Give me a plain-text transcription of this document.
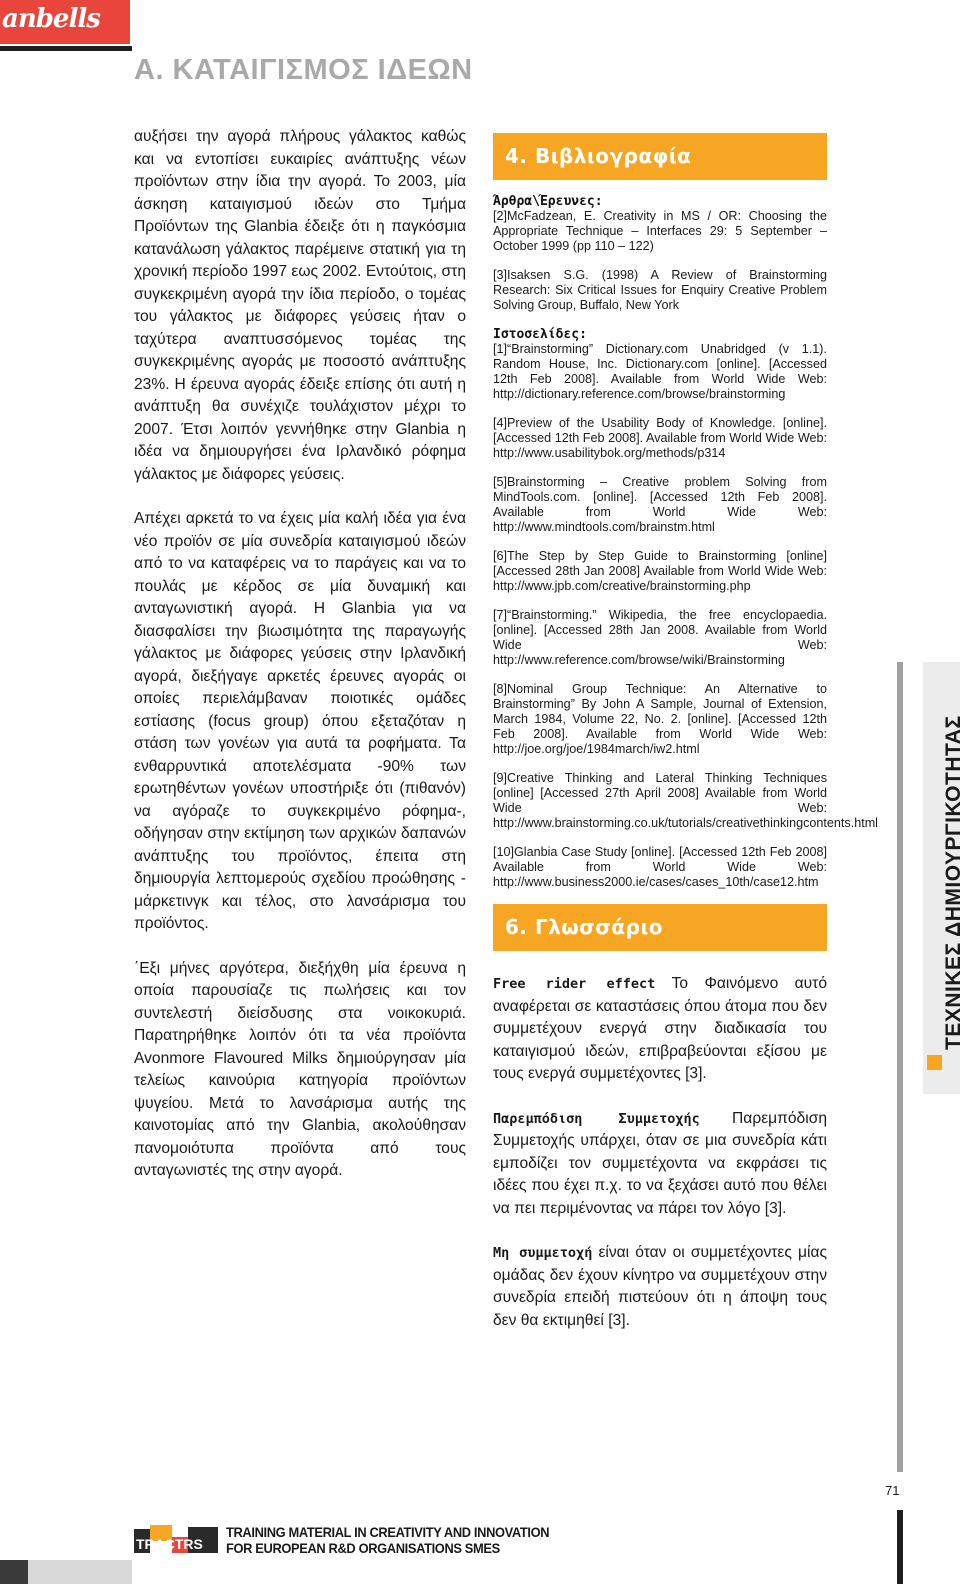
anbells
Α. ΚΑΤΑΙΓΙΣΜΟΣ ΙΔΕΩΝ

αυξήσει την αγορά πλήρους γάλακτος καθώς και να εντοπίσει ευκαιρίες ανάπτυξης νέων προϊόντων στην ίδια την αγορά. Το 2003, μία άσκηση καταιγισμού ιδεών στο Τμήμα Προϊόντων της Glanbia έδειξε ότι η παγκόσμια κατανάλωση γάλακτος παρέμεινε στατική για τη χρονική περίοδο 1997 εως 2002. Εντούτοις, στη συγκεκριμένη αγορά την ίδια περίοδο, ο τομέας του γάλακτος με διάφορες γεύσεις ήταν ο ταχύτερα αναπτυσσόμενος τομέας της συγκεκριμένης αγοράς με ποσοστό ανάπτυξης 23%. Η έρευνα αγοράς έδειξε επίσης ότι αυτή η ανάπτυξη θα συνέχιζε τουλάχιστον μέχρι το 2007. Έτσι λοιπόν γεννήθηκε στην Glanbia η ιδέα να δημιουργήσει ένα Ιρλανδικό ρόφημα γάλακτος με διάφορες γεύσεις.

Απέχει αρκετά το να έχεις μία καλή ιδέα για ένα νέο προϊόν σε μία συνεδρία καταιγισμού ιδεών από το να καταφέρεις να το παράγεις και να το πουλάς με κέρδος σε μία δυναμική και ανταγωνιστική αγορά. Η Glanbia για να διασφαλίσει την βιωσιμότητα της παραγωγής γάλακτος με διάφορες γεύσεις στην Ιρλανδική αγορά, διεξήγαγε αρκετές έρευνες αγοράς οι οποίες περιελάμβαναν ποιοτικές ομάδες εστίασης (focus group) όπου εξεταζόταν η στάση των γονέων για αυτά τα ροφήματα. Τα ενθαρρυντικά αποτελέσματα -90% των ερωτηθέντων γονέων υποστήριξε ότι (πιθανόν) να αγόραζε το συγκεκριμένο ρόφημα-, οδήγησαν στην εκτίμηση των αρχικών δαπανών ανάπτυξης του προϊόντος, έπειτα στη δημιουργία λεπτομερούς σχεδίου προώθησης - μάρκετινγκ και τέλος, στο λανσάρισμα του προϊόντος.

΄Εξι μήνες αργότερα, διεξήχθη μία έρευνα η οποία παρουσίαζε τις πωλήσεις και τον συντελεστή διείσδυσης στα νοικοκυριά. Παρατηρήθηκε λοιπόν ότι τα νέα προϊόντα Avonmore Flavoured Milks δημιούργησαν μία τελείως καινούρια κατηγορία προϊόντων ψυγείου. Μετά το λανσάρισμα αυτής της καινοτομίας από την Glanbia, ακολούθησαν πανομοιότυπα προϊόντα από τους ανταγωνιστές της στην αγορά.

4. Βιβλιογραφία
Άρθρα\Έρευνες:

[2]McFadzean, E. Creativity in MS / OR: Choosing the Appropriate Technique – Interfaces 29: 5 September – October 1999 (pp 110 – 122)

[3]Isaksen S.G. (1998) A Review of Brainstorming Research: Six Critical Issues for Enquiry Creative Problem Solving Group, Buffalo, New York

Ιστοσελίδες:

[1]“Brainstorming” Dictionary.com Unabridged (v 1.1). Random House, Inc. Dictionary.com [online]. [Accessed 12th Feb 2008]. Available from World Wide Web: http://dictionary.reference.com/browse/brainstorming

[4]Preview of the Usability Body of Knowledge. [online]. [Accessed 12th Feb 2008]. Available from World Wide Web: http://www.usabilitybok.org/methods/p314

[5]Brainstorming – Creative problem Solving from MindTools.com. [online]. [Accessed 12th Feb 2008]. Available from World Wide Web: http://www.mindtools.com/brainstm.html

[6]The Step by Step Guide to Brainstorming [online] [Accessed 28th Jan 2008] Available from World Wide Web: http://www.jpb.com/creative/brainstorming.php

[7]“Brainstorming.” Wikipedia, the free encyclopaedia. [online]. [Accessed 28th Jan 2008. Available from World Wide Web: http://www.reference.com/browse/wiki/Brainstorming

[8]Nominal Group Technique: An Alternative to Brainstorming” By John A Sample, Journal of Extension, March 1984, Volume 22, No. 2. [online]. [Accessed 12th Feb 2008]. Available from World Wide Web: http://joe.org/joe/1984march/iw2.html

[9]Creative Thinking and Lateral Thinking Techniques [online] [Accessed 27th April 2008] Available from World Wide Web: http://www.brainstorming.co.uk/tutorials/creativethinkingcontents.html

[10]Glanbia Case Study [online]. [Accessed 12th Feb 2008] Available from World Wide Web: http://www.business2000.ie/cases/cases_10th/case12.htm

6. Γλωσσάριο

Free rider effect Το Φαινόμενο αυτό αναφέρεται σε καταστάσεις όπου άτομα που δεν συμμετέχουν ενεργά στην διαδικασία του καταιγισμού ιδεών, επιβραβεύονται εξίσου με τους ενεργά συμμετέχοντες [3].

Παρεμπόδιση Συμμετοχής Παρεμπόδιση Συμμετοχής υπάρχει, όταν σε μια συνεδρία κάτι εμποδίζει τον συμμετέχοντα να εκφράσει τις ιδέες που έχει π.χ. το να ξεχάσει αυτό που θέλει να πει περιμένοντας να πάρει τον λόγο [3].

Μη συμμετοχή είναι όταν οι συμμετέχοντες μίας ομάδας δεν έχουν κίνητρο να συμμετέχουν στην συνεδρία επειδή πιστεύουν ότι η άποψη τους δεν θα εκτιμηθεί [3].

ΤΕΧΝΙΚΕΣ ΔΗΜΙΟΥΡΓΙΚΟΤΗΤΑΣ
71
TRACTRS
TRAINING MATERIAL IN CREATIVITY AND INNOVATION
FOR EUROPEAN R&D ORGANISATIONS SMES
